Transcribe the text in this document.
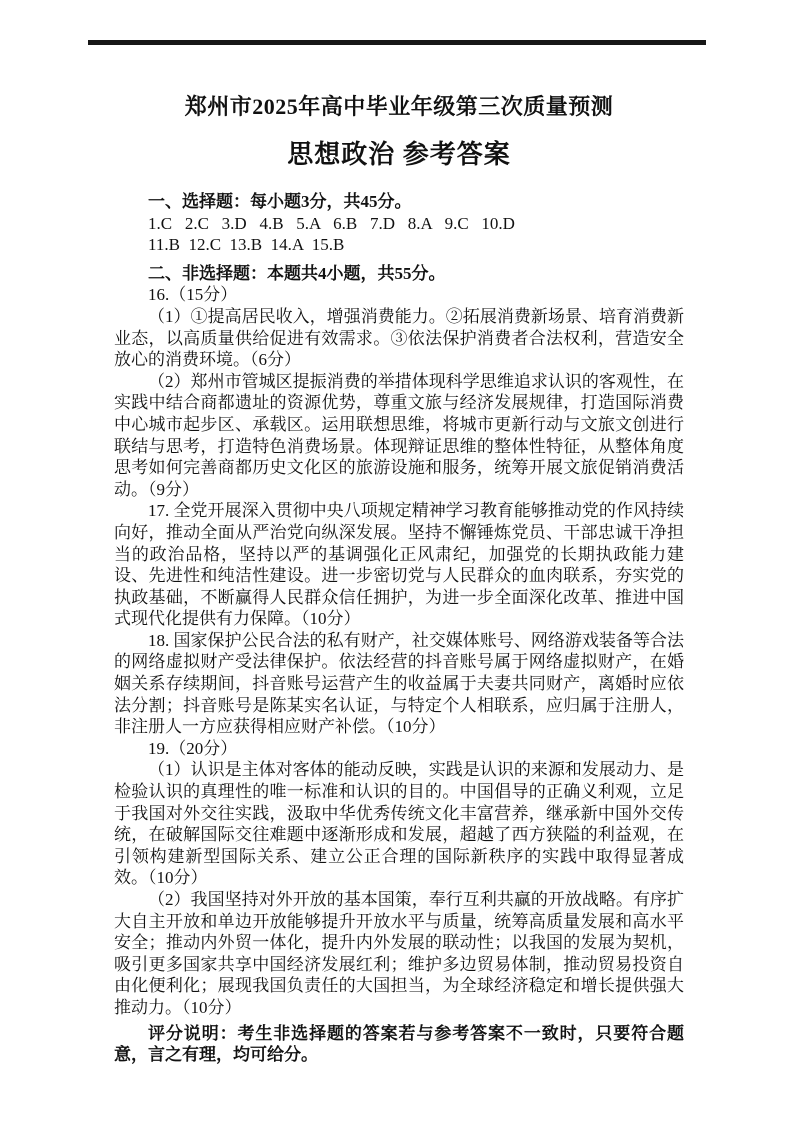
郑州市2025年高中毕业年级第三次质量预测
思想政治 参考答案

一、选择题：每小题3分，共45分。

1.C   2.C   3.D   4.B   5.A   6.B   7.D   8.A   9.C   10.D

11.B  12.C  13.B  14.A  15.B

二、非选择题：本题共4小题，共55分。

16.（15分）

（1）①提高居民收入，增强消费能力。②拓展消费新场景、培育消费新业态，以高质量供给促进有效需求。③依法保护消费者合法权利，营造安全放心的消费环境。（6分）

（2）郑州市管城区提振消费的举措体现科学思维追求认识的客观性，在实践中结合商都遗址的资源优势，尊重文旅与经济发展规律，打造国际消费中心城市起步区、承载区。运用联想思维，将城市更新行动与文旅文创进行联结与思考，打造特色消费场景。体现辩证思维的整体性特征，从整体角度思考如何完善商都历史文化区的旅游设施和服务，统筹开展文旅促销消费活动。（9分）

17. 全党开展深入贯彻中央八项规定精神学习教育能够推动党的作风持续向好，推动全面从严治党向纵深发展。坚持不懈锤炼党员、干部忠诚干净担当的政治品格，坚持以严的基调强化正风肃纪，加强党的长期执政能力建设、先进性和纯洁性建设。进一步密切党与人民群众的血肉联系，夯实党的执政基础，不断赢得人民群众信任拥护，为进一步全面深化改革、推进中国式现代化提供有力保障。（10分）

18. 国家保护公民合法的私有财产，社交媒体账号、网络游戏装备等合法的网络虚拟财产受法律保护。依法经营的抖音账号属于网络虚拟财产，在婚姻关系存续期间，抖音账号运营产生的收益属于夫妻共同财产，离婚时应依法分割；抖音账号是陈某实名认证，与特定个人相联系，应归属于注册人，非注册人一方应获得相应财产补偿。（10分）

19.（20分）

（1）认识是主体对客体的能动反映，实践是认识的来源和发展动力、是检验认识的真理性的唯一标准和认识的目的。中国倡导的正确义利观，立足于我国对外交往实践，汲取中华优秀传统文化丰富营养，继承新中国外交传统，在破解国际交往难题中逐渐形成和发展，超越了西方狭隘的利益观，在引领构建新型国际关系、建立公正合理的国际新秩序的实践中取得显著成效。（10分）

（2）我国坚持对外开放的基本国策，奉行互利共赢的开放战略。有序扩大自主开放和单边开放能够提升开放水平与质量，统筹高质量发展和高水平安全；推动内外贸一体化，提升内外发展的联动性；以我国的发展为契机，吸引更多国家共享中国经济发展红利；维护多边贸易体制，推动贸易投资自由化便利化；展现我国负责任的大国担当，为全球经济稳定和增长提供强大推动力。（10分）

评分说明：考生非选择题的答案若与参考答案不一致时，只要符合题意，言之有理，均可给分。
